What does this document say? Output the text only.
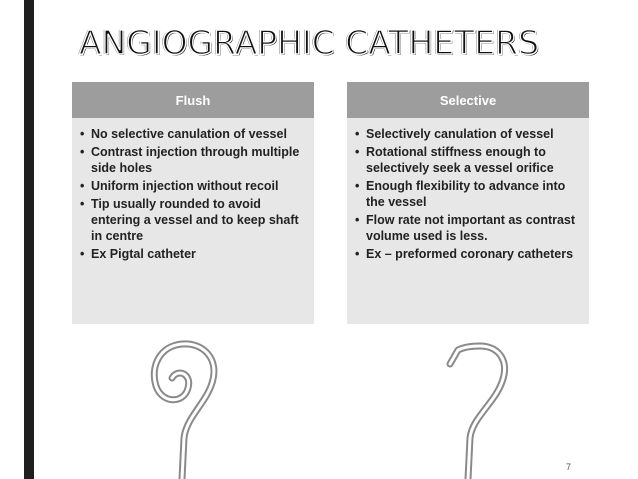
ANGIOGRAPHIC CATHETERS
Flush
• No selective canulation of vessel
• Contrast injection through multiple side holes
• Uniform injection without recoil
• Tip usually rounded to avoid entering a vessel and to keep shaft in centre
• Ex Pigtal catheter
Selective
• Selectively canulation of vessel
• Rotational stiffness enough to selectively seek a vessel orifice
• Enough flexibility to advance into the vessel
• Flow rate not important as contrast volume used is less.
• Ex – preformed coronary catheters
7
